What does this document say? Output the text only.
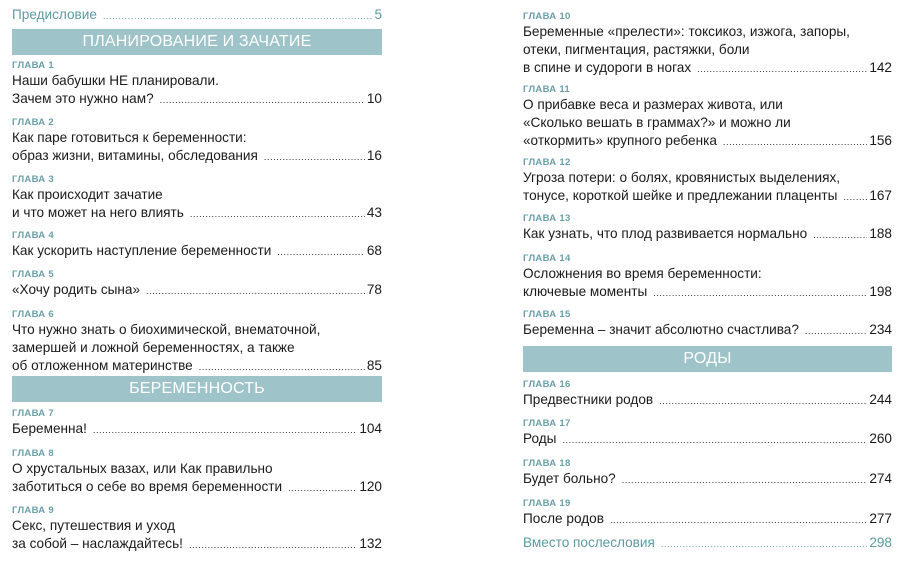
Предисловие .....	5
ПЛАНИРОВАНИЕ И ЗАЧАТИЕ
ГЛАВА 1
Наши бабушки НЕ планировали.
Зачем это нужно нам? .....	10
ГЛАВА 2
Как паре готовиться к беременности:
образ жизни, витамины, обследования .....	16
ГЛАВА 3
Как происходит зачатие
и что может на него влиять .....	43
ГЛАВА 4
Как ускорить наступление беременности .....	68
ГЛАВА 5
«Хочу родить сына» .....	78
ГЛАВА 6
Что нужно знать о биохимической, внематочной,
замершей и ложной беременностях, а также
об отложенном материнстве .....	85
БЕРЕМЕННОСТЬ
ГЛАВА 7
Беременна! .....	104
ГЛАВА 8
О хрустальных вазах, или Как правильно
заботиться о себе во время беременности .....	120
ГЛАВА 9
Секс, путешествия и уход
за собой – наслаждайтесь! .....	132
ГЛАВА 10
Беременные «прелести»: токсикоз, изжога, запоры,
отеки, пигментация, растяжки, боли
в спине и судороги в ногах .....	142
ГЛАВА 11
О прибавке веса и размерах живота, или
«Сколько вешать в граммах?» и можно ли
«откормить» крупного ребенка .....	156
ГЛАВА 12
Угроза потери: о болях, кровянистых выделениях,
тонусе, короткой шейке и предлежании плаценты ..... 167
ГЛАВА 13
Как узнать, что плод развивается нормально .....	188
ГЛАВА 14
Осложнения во время беременности:
ключевые моменты .....	198
ГЛАВА 15
Беременна – значит абсолютно счастлива? .....	234
РОДЫ
ГЛАВА 16
Предвестники родов .....	244
ГЛАВА 17
Роды .....	260
ГЛАВА 18
Будет больно? .....	274
ГЛАВА 19
После родов .....	277
Вместо послесловия .....	298
